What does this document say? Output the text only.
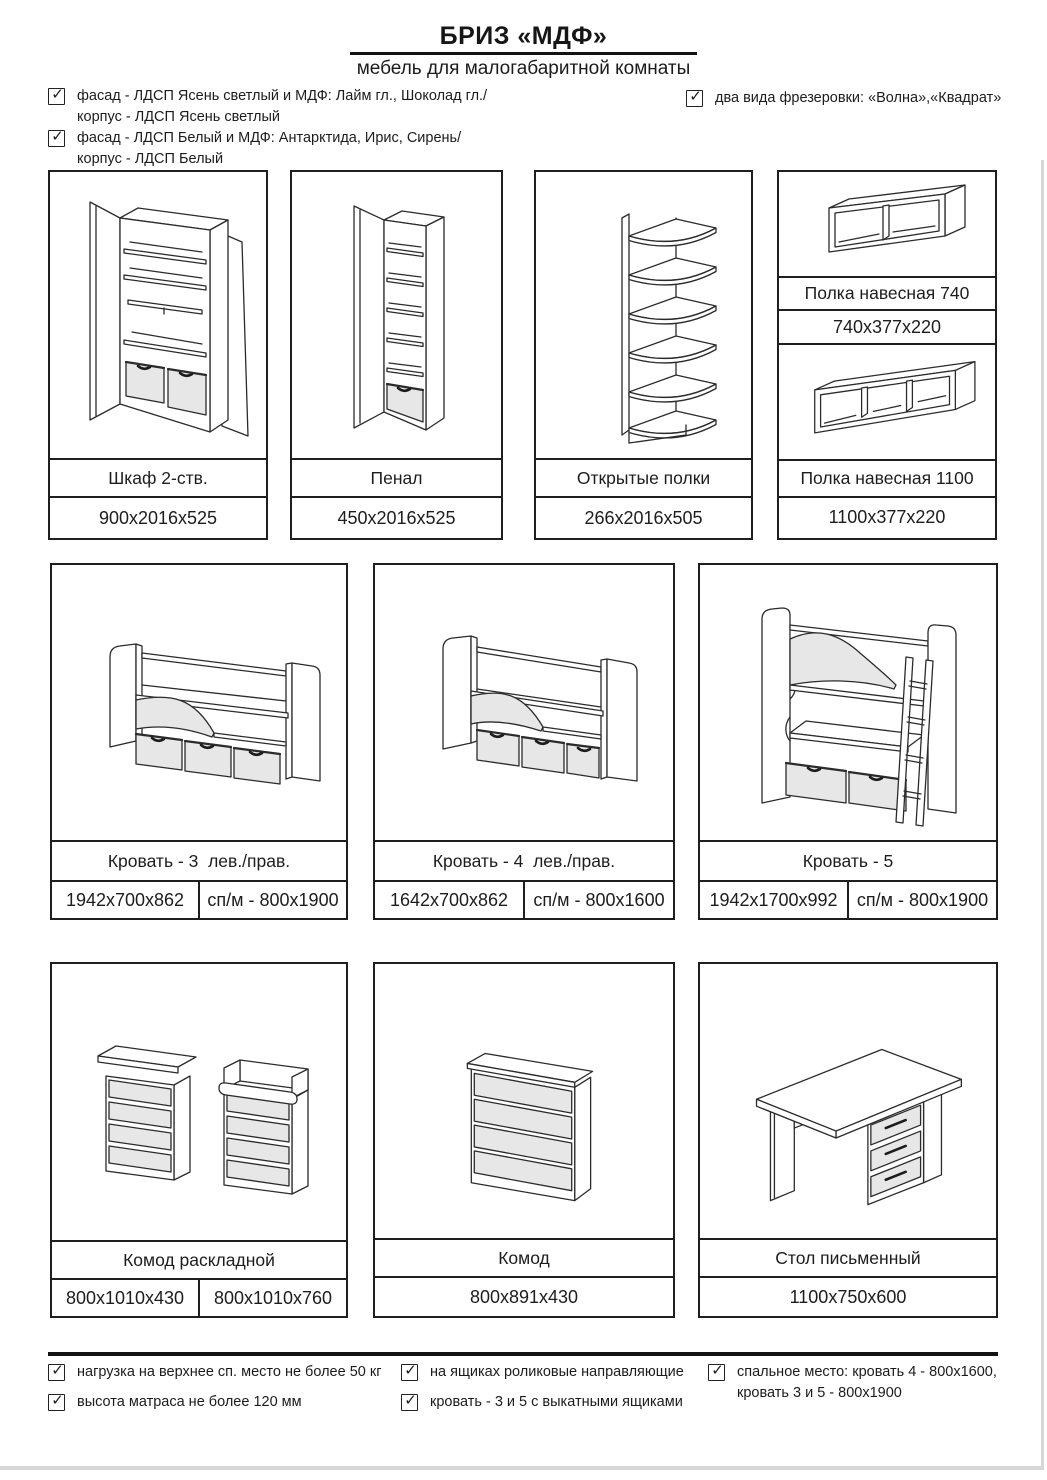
БРИЗ «МДФ»
мебель для малогабаритной комнаты
✓ фасад - ЛДСП Ясень светлый и МДФ: Лайм гл., Шоколад гл./
корпус - ЛДСП Ясень светлый
✓ фасад - ЛДСП Белый и МДФ: Антарктида, Ирис, Сирень/
корпус - ЛДСП Белый
✓ два вида фрезеровки: «Волна»,«Квадрат»
Шкаф 2-ств.
900х2016х525
Пенал
450х2016х525
Открытые полки
266х2016х505
Полка навесная 740
740х377х220
Полка навесная 1100
1100х377х220
Кровать - 3  лев./прав.
1942х700х862	сп/м - 800х1900
Кровать - 4  лев./прав.
1642х700х862	сп/м - 800х1600
Кровать - 5
1942х1700х992	сп/м - 800х1900
Комод раскладной
800х1010х430	800х1010х760
Комод
800х891х430
Стол письменный
1100х750х600
✓ нагрузка на верхнее сп. место не более 50 кг
✓ высота матраса не более 120 мм
✓ на ящиках роликовые направляющие
✓ кровать - 3 и 5 с выкатными ящиками
✓ спальное место: кровать 4 - 800х1600,
кровать 3 и 5 - 800х1900
